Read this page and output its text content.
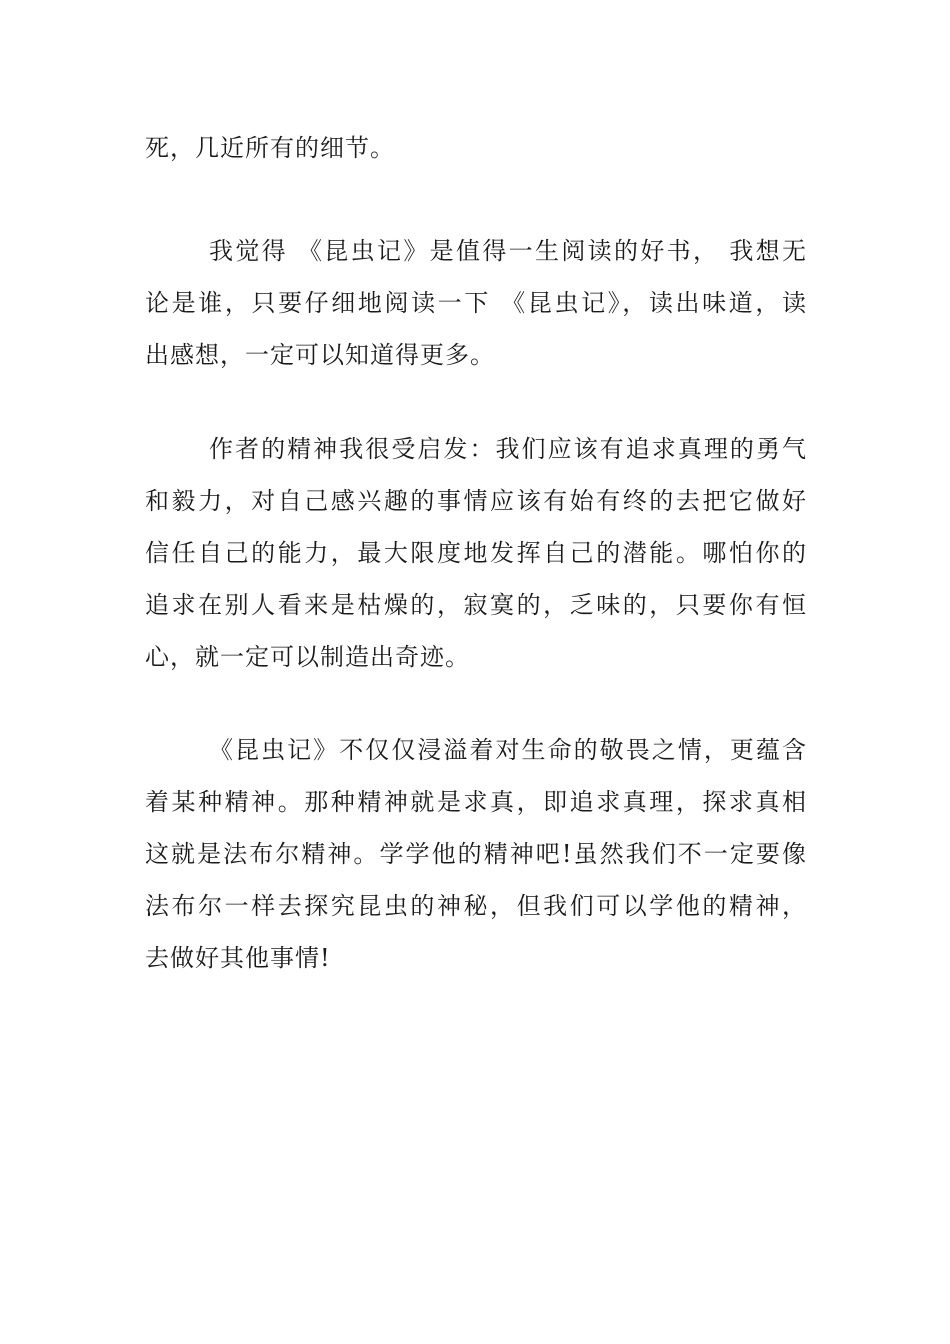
死，几近所有的细节。
我觉得 《昆虫记》是值得一生阅读的好书， 我想无
论是谁，只要仔细地阅读一下 《昆虫记》，读出味道，读
出感想，一定可以知道得更多。
作者的精神我很受启发：我们应该有追求真理的勇气
和毅力，对自己感兴趣的事情应该有始有终的去把它做好
信任自己的能力，最大限度地发挥自己的潜能。哪怕你的
追求在别人看来是枯燥的，寂寞的，乏味的，只要你有恒
心，就一定可以制造出奇迹。
《昆虫记》不仅仅浸溢着对生命的敬畏之情，更蕴含
着某种精神。那种精神就是求真，即追求真理，探求真相
这就是法布尔精神。学学他的精神吧!虽然我们不一定要像
法布尔一样去探究昆虫的神秘，但我们可以学他的精神，
去做好其他事情!
